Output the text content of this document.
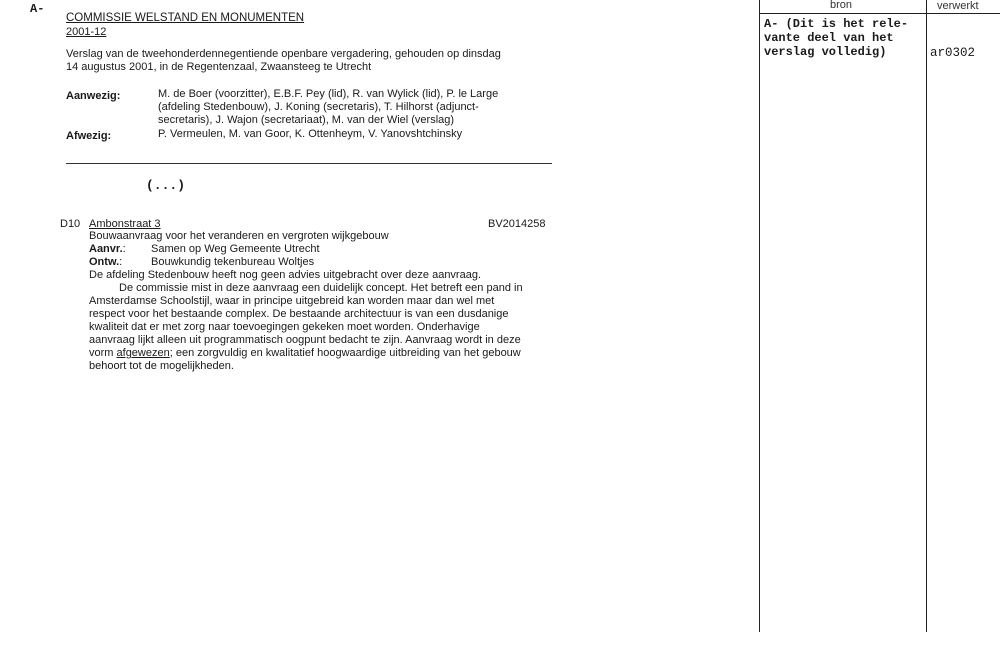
A-
COMMISSIE WELSTAND EN MONUMENTEN
2001-12
Verslag van de tweehonderdennegentiende openbare vergadering, gehouden op dinsdag
14 augustus 2001, in de Regentenzaal, Zwaansteeg te Utrecht
Aanwezig:	M. de Boer (voorzitter), E.B.F. Pey (lid), R. van Wylick (lid), P. le Large
(afdeling Stedenbouw), J. Koning (secretaris), T. Hilhorst (adjunct-
secretaris), J. Wajon (secretariaat), M. van der Wiel (verslag)
Afwezig:	P. Vermeulen, M. van Goor, K. Ottenheym, V. Yanovshtchinsky
(...)
D10 Ambonstraat 3	BV2014258
Bouwaanvraag voor het veranderen en vergroten wijkgebouw
Aanvr.: Samen op Weg Gemeente Utrecht
Ontw.:	Bouwkundig tekenbureau Woltjes
De afdeling Stedenbouw heeft nog geen advies uitgebracht over deze aanvraag.
De commissie mist in deze aanvraag een duidelijk concept. Het betreft een pand in
Amsterdamse Schoolstijl, waar in principe uitgebreid kan worden maar dan wel met
respect voor het bestaande complex. De bestaande architectuur is van een dusdanige
kwaliteit dat er met zorg naar toevoegingen gekeken moet worden. Onderhavige
aanvraag lijkt alleen uit programmatisch oogpunt bedacht te zijn. Aanvraag wordt in deze
vorm afgewezen; een zorgvuldig en kwalitatief hoogwaardige uitbreiding van het gebouw
behoort tot de mogelijkheden.
bron	verwerkt
A- (Dit is het rele-
vante deel van het
verslag volledig)	ar0302
